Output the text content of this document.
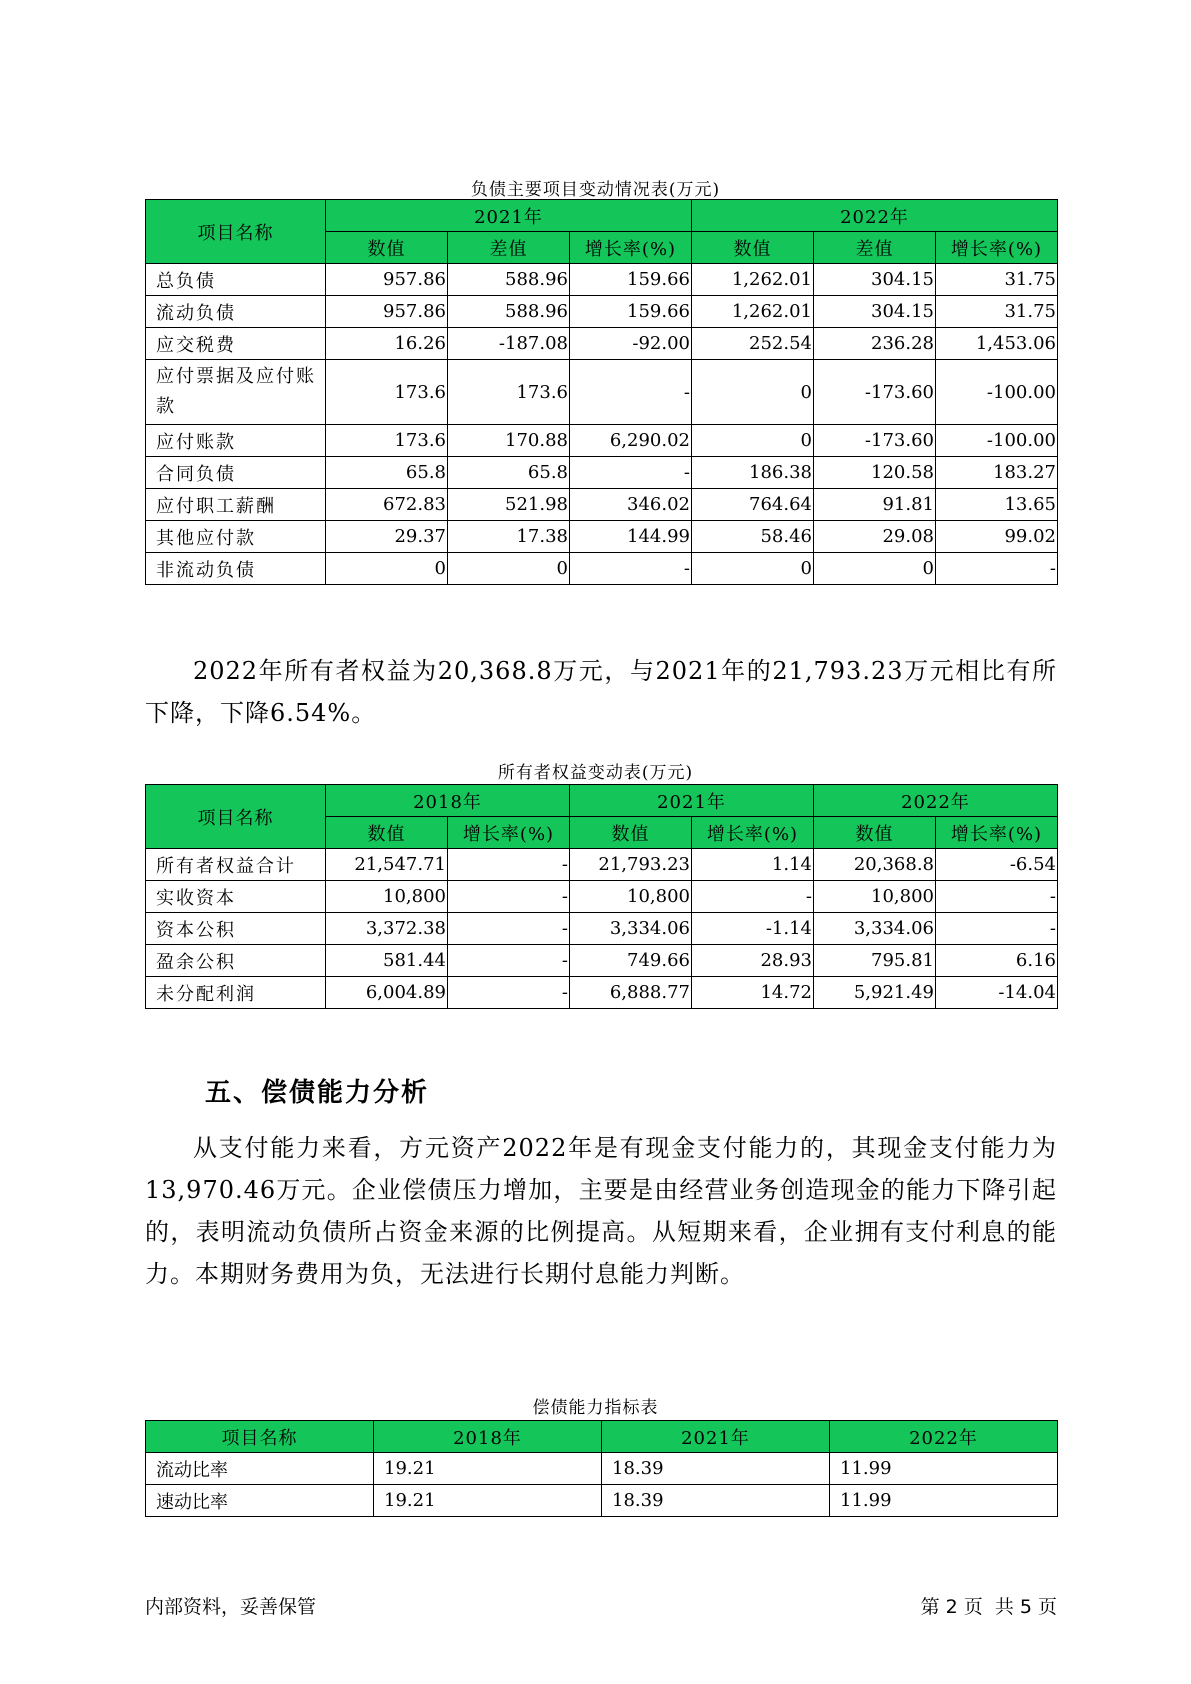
负债主要项目变动情况表(万元)
项目名称	2021年			2022年		
	数值	差值	增长率(%)	数值	差值	增长率(%)
总负债	957.86	588.96	159.66	1,262.01	304.15	31.75
流动负债	957.86	588.96	159.66	1,262.01	304.15	31.75
应交税费	16.26	-187.08	-92.00	252.54	236.28	1,453.06
应付票据及应付账款	173.6	173.6	-	0	-173.60	-100.00
应付账款	173.6	170.88	6,290.02	0	-173.60	-100.00
合同负债	65.8	65.8	-	186.38	120.58	183.27
应付职工薪酬	672.83	521.98	346.02	764.64	91.81	13.65
其他应付款	29.37	17.38	144.99	58.46	29.08	99.02
非流动负债	0	0	-	0	0	-

2022年所有者权益为20,368.8万元，与2021年的21,793.23万元相比有所下降，下降6.54%。

所有者权益变动表(万元)
项目名称	2018年		2021年		2022年	
	数值	增长率(%)	数值	增长率(%)	数值	增长率(%)
所有者权益合计	21,547.71	-	21,793.23	1.14	20,368.8	-6.54
实收资本	10,800	-	10,800	-	10,800	-
资本公积	3,372.38	-	3,334.06	-1.14	3,334.06	-
盈余公积	581.44	-	749.66	28.93	795.81	6.16
未分配利润	6,004.89	-	6,888.77	14.72	5,921.49	-14.04
五、偿债能力分析

从支付能力来看，方元资产2022年是有现金支付能力的，其现金支付能力为13,970.46万元。企业偿债压力增加，主要是由经营业务创造现金的能力下降引起的，表明流动负债所占资金来源的比例提高。从短期来看，企业拥有支付利息的能力。本期财务费用为负，无法进行长期付息能力判断。

偿债能力指标表
项目名称	2018年	2021年	2022年
流动比率	19.21	18.39	11.99
速动比率	19.21	18.39	11.99
内部资料，妥善保管	第 2 页  共 5 页
